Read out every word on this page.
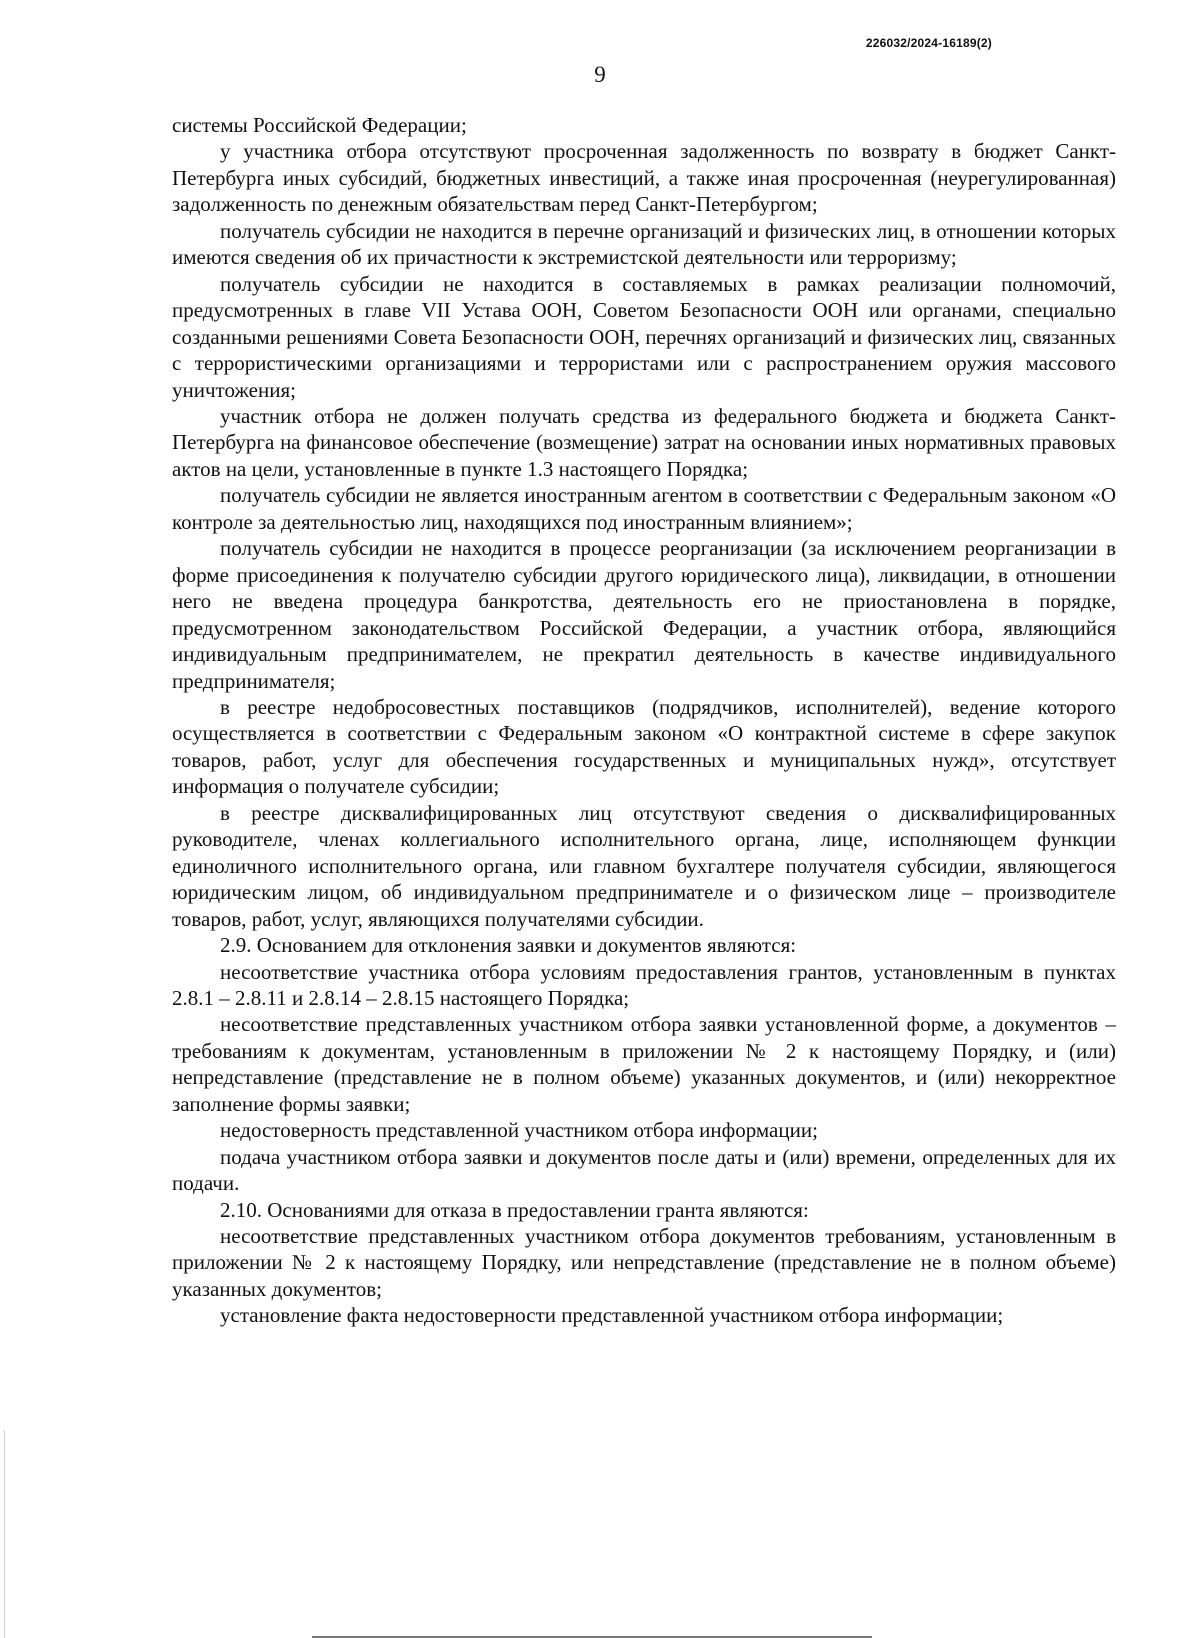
226032/2024-16189(2)
9

системы Российской Федерации;

у участника отбора отсутствуют просроченная задолженность по возврату в бюджет Санкт-Петербурга иных субсидий, бюджетных инвестиций, а также иная просроченная (неурегулированная) задолженность по денежным обязательствам перед Санкт-Петербургом;

получатель субсидии не находится в перечне организаций и физических лиц, в отношении которых имеются сведения об их причастности к экстремистской деятельности или терроризму;

получатель субсидии не находится в составляемых в рамках реализации полномочий, предусмотренных в главе VII Устава ООН, Советом Безопасности ООН или органами, специально созданными решениями Совета Безопасности ООН, перечнях организаций и физических лиц, связанных с террористическими организациями и террористами или с распространением оружия массового уничтожения;

участник отбора не должен получать средства из федерального бюджета и бюджета Санкт-Петербурга на финансовое обеспечение (возмещение) затрат на основании иных нормативных правовых актов на цели, установленные в пункте 1.3 настоящего Порядка;

получатель субсидии не является иностранным агентом в соответствии с Федеральным законом «О контроле за деятельностью лиц, находящихся под иностранным влиянием»;

получатель субсидии не находится в процессе реорганизации (за исключением реорганизации в форме присоединения к получателю субсидии другого юридического лица), ликвидации, в отношении него не введена процедура банкротства, деятельность его не приостановлена в порядке, предусмотренном законодательством Российской Федерации, а участник отбора, являющийся индивидуальным предпринимателем, не прекратил деятельность в качестве индивидуального предпринимателя;

в реестре недобросовестных поставщиков (подрядчиков, исполнителей), ведение которого осуществляется в соответствии с Федеральным законом «О контрактной системе в сфере закупок товаров, работ, услуг для обеспечения государственных и муниципальных нужд», отсутствует информация о получателе субсидии;

в реестре дисквалифицированных лиц отсутствуют сведения о дисквалифицированных руководителе, членах коллегиального исполнительного органа, лице, исполняющем функции единоличного исполнительного органа, или главном бухгалтере получателя субсидии, являющегося юридическим лицом, об индивидуальном предпринимателе и о физическом лице – производителе товаров, работ, услуг, являющихся получателями субсидии.

2.9. Основанием для отклонения заявки и документов являются:

несоответствие участника отбора условиям предоставления грантов, установленным в пунктах 2.8.1 – 2.8.11 и 2.8.14 – 2.8.15 настоящего Порядка;

несоответствие представленных участником отбора заявки установленной форме, а документов – требованиям к документам, установленным в приложении № 2 к настоящему Порядку, и (или) непредставление (представление не в полном объеме) указанных документов, и (или) некорректное заполнение формы заявки;

недостоверность представленной участником отбора информации;

подача участником отбора заявки и документов после даты и (или) времени, определенных для их подачи.

2.10. Основаниями для отказа в предоставлении гранта являются:

несоответствие представленных участником отбора документов требованиям, установленным в приложении № 2 к настоящему Порядку, или непредставление (представление не в полном объеме) указанных документов;

установление факта недостоверности представленной участником отбора информации;
